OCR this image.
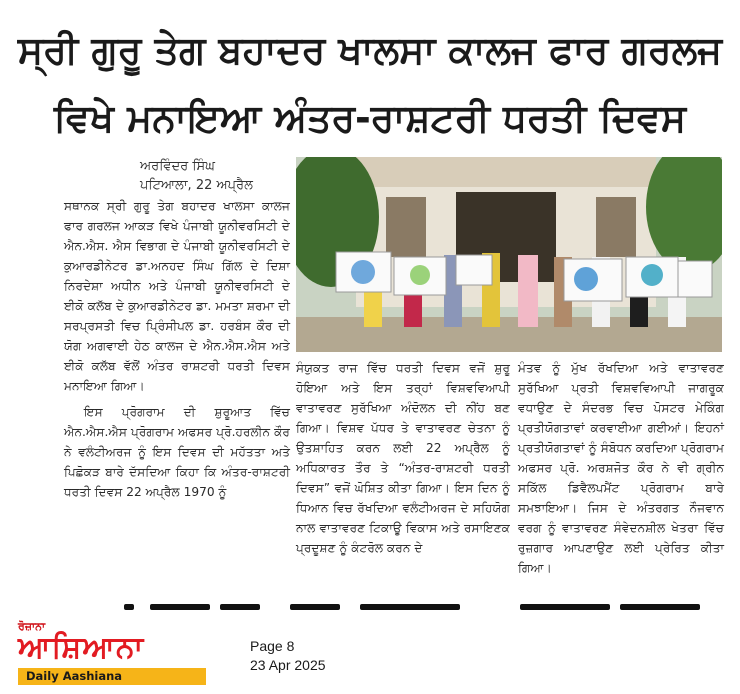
ਸ੍ਰੀ ਗੁਰੂ ਤੇਗ ਬਹਾਦਰ ਖਾਲਸਾ ਕਾਲਜ ਫਾਰ ਗਰਲਜ
ਵਿਖੇ ਮਨਾਇਆ ਅੰਤਰ-ਰਾਸ਼ਟਰੀ ਧਰਤੀ ਦਿਵਸ
ਅਰਵਿੰਦਰ ਸਿੰਘ
ਪਟਿਆਲਾ, 22 ਅਪ੍ਰੈਲ

ਸਥਾਨਕ ਸ੍ਰੀ ਗੁਰੂ ਤੇਗ ਬਹਾਦਰ ਖਾਲਸਾ ਕਾਲਜ ਫਾਰ ਗਰਲਜ ਆਕੜ ਵਿਖੇ ਪੰਜਾਬੀ ਯੂਨੀਵਰਸਿਟੀ ਦੇ ਐਨ.ਐਸ. ਐਸ ਵਿਭਾਗ ਦੇ ਪੰਜਾਬੀ ਯੂਨੀਵਰਸਿਟੀ ਦੇ ਕੁਆਰਡੀਨੇਟਰ ਡਾ.ਅਨਹਦ ਸਿੰਘ ਗਿੱਲ ਦੇ ਦਿਸ਼ਾ ਨਿਰਦੇਸ਼ਾ ਅਧੀਨ ਅਤੇ ਪੰਜਾਬੀ ਯੂਨੀਵਰਸਿਟੀ ਦੇ ਈਕੋ ਕਲੱਬ ਦੇ ਕੁਆਰਡੀਨੇਟਰ ਡਾ. ਮਮਤਾ ਸ਼ਰਮਾ ਦੀ ਸਰਪ੍ਰਸਤੀ ਵਿਚ ਪ੍ਰਿੰਸੀਪਲ ਡਾ. ਹਰਬੰਸ ਕੌਰ ਦੀ ਯੋਗ ਅਗਵਾਈ ਹੇਠ ਕਾਲਜ ਦੇ ਐਨ.ਐਸ.ਐਸ ਅਤੇ ਈਕੋ ਕਲੱਬ ਵੱਲੋਂ ਅੰਤਰ ਰਾਸ਼ਟਰੀ ਧਰਤੀ ਦਿਵਸ ਮਨਾਇਆ ਗਿਆ।

ਇਸ ਪ੍ਰੋਗਰਾਮ ਦੀ ਸ਼ੁਰੂਆਤ ਵਿੱਚ ਐਨ.ਐਸ.ਐਸ ਪ੍ਰੋਗਰਾਮ ਅਫਸਰ ਪ੍ਰੋ.ਹਰਲੀਨ ਕੌਰ ਨੇ ਵਲੰਟੀਅਰਜ ਨੂੰ ਇਸ ਦਿਵਸ ਦੀ ਮਹੱਤਤਾ ਅਤੇ ਪਿਛੋਕੜ ਬਾਰੇ ਦੱਸਦਿਆ ਕਿਹਾ ਕਿ ਅੰਤਰ-ਰਾਸ਼ਟਰੀ ਧਰਤੀ ਦਿਵਸ 22 ਅਪ੍ਰੈਲ 1970 ਨੂੰ

ਸੰਯੁਕਤ ਰਾਜ ਵਿੱਚ ਧਰਤੀ ਦਿਵਸ ਵਜੋਂ ਸ਼ੁਰੂ ਹੋਇਆ ਅਤੇ ਇਸ ਤਰ੍ਹਾਂ ਵਿਸ਼ਵਵਿਆਪੀ ਵਾਤਾਵਰਣ ਸੁਰੱਖਿਆ ਅੰਦੋਲਨ ਦੀ ਨੀਂਹ ਬਣ ਗਿਆ। ਵਿਸ਼ਵ ਪੱਧਰ ਤੇ ਵਾਤਾਵਰਣ ਚੇਤਨਾ ਨੂੰ ਉਤਸ਼ਾਹਿਤ ਕਰਨ ਲਈ 22 ਅਪ੍ਰੈਲ ਨੂੰ ਅਧਿਕਾਰਤ ਤੌਰ ਤੇ “ਅੰਤਰ-ਰਾਸ਼ਟਰੀ ਧਰਤੀ ਦਿਵਸ” ਵਜੋਂ ਘੋਸ਼ਿਤ ਕੀਤਾ ਗਿਆ। ਇਸ ਦਿਨ ਨੂੰ ਧਿਆਨ ਵਿਚ ਰੱਖਦਿਆ ਵਲੰਟੀਅਰਜ ਦੇ ਸਹਿਯੋਗ ਨਾਲ ਵਾਤਾਵਰਣ ਟਿਕਾਊ ਵਿਕਾਸ ਅਤੇ ਰਸਾਇਣਕ ਪ੍ਰਦੂਸ਼ਣ ਨੂੰ ਕੰਟਰੋਲ ਕਰਨ ਦੇ

ਮੰਤਵ ਨੂੰ ਮੁੱਖ ਰੱਖਦਿਆ ਅਤੇ ਵਾਤਾਵਰਣ ਸੁਰੱਖਿਆ ਪ੍ਰਤੀ ਵਿਸ਼ਵਵਿਆਪੀ ਜਾਗਰੂਕ ਵਧਾਉਣ ਦੇ ਸੰਦਰਭ ਵਿਚ ਪੋਸਟਰ ਮੇਕਿੰਗ ਪ੍ਰਤੀਯੋਗਤਾਵਾਂ ਕਰਵਾਈਆ ਗਈਆਂ। ਇਹਨਾਂ ਪ੍ਰਤੀਯੋਗਤਾਵਾਂ ਨੂੰ ਸੰਬੋਧਨ ਕਰਦਿਆ ਪ੍ਰੋਗਰਾਮ ਅਫਸਰ ਪ੍ਰੋ. ਅਰਸ਼ਜੋਤ ਕੌਰ ਨੇ ਵੀ ਗ੍ਰੀਨ ਸਕਿੱਲ ਡਿਵੈਲਪਮੈਂਟ ਪ੍ਰੋਗਰਾਮ ਬਾਰੇ ਸਮਝਾਇਆ। ਜਿਸ ਦੇ ਅੰਤਰਗਤ ਨੌਜਵਾਨ ਵਰਗ ਨੂੰ ਵਾਤਾਵਰਣ ਸੰਵੇਦਨਸ਼ੀਲ ਖੇਤਰਾ ਵਿੱਚ ਰੁਜ਼ਗਾਰ ਆਪਣਾਉਣ ਲਈ ਪ੍ਰੇਰਿਤ ਕੀਤਾ ਗਿਆ।

ਰੋਜ਼ਾਨਾ
ਆਸ਼ਿਆਨਾ
Daily Aashiana
Page 8
23 Apr 2025
